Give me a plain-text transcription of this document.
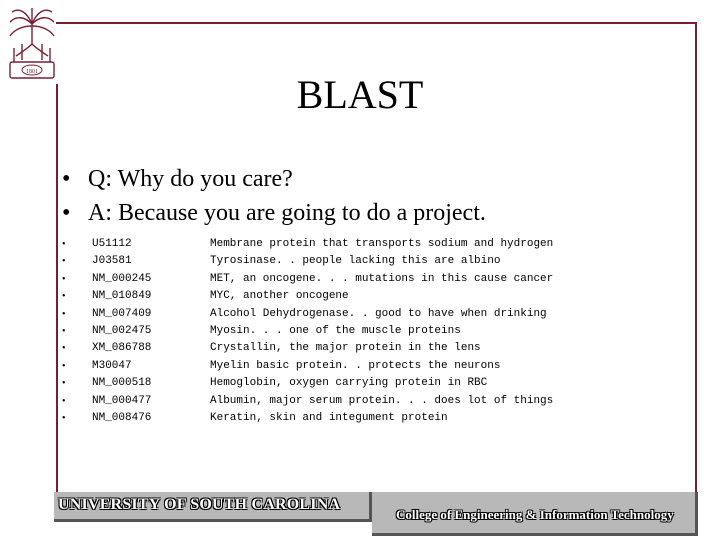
1801	BLAST
• Q: Why do you care?
• A: Because you are going to do a project.
•	U51112	Membrane protein that transports sodium and hydrogen
•	J03581	Tyrosinase. . people lacking this are albino
•	NM_000245	MET, an oncogene. . . mutations in this cause cancer
•	NM_010849	MYC, another oncogene
•	NM_007409	Alcohol Dehydrogenase. . good to have when drinking
•	NM_002475	Myosin. . . one of the muscle proteins
•	XM_086788	Crystallin, the major protein in the lens
•	M30047	Myelin basic protein. . protects the neurons
•	NM_000518	Hemoglobin, oxygen carrying protein in RBC
•	NM_000477	Albumin, major serum protein. . . does lot of things
•	NM_008476	Keratin, skin and integument protein
UNIVERSITY OF SOUTH CAROLINA
College of Engineering & Information Technology
